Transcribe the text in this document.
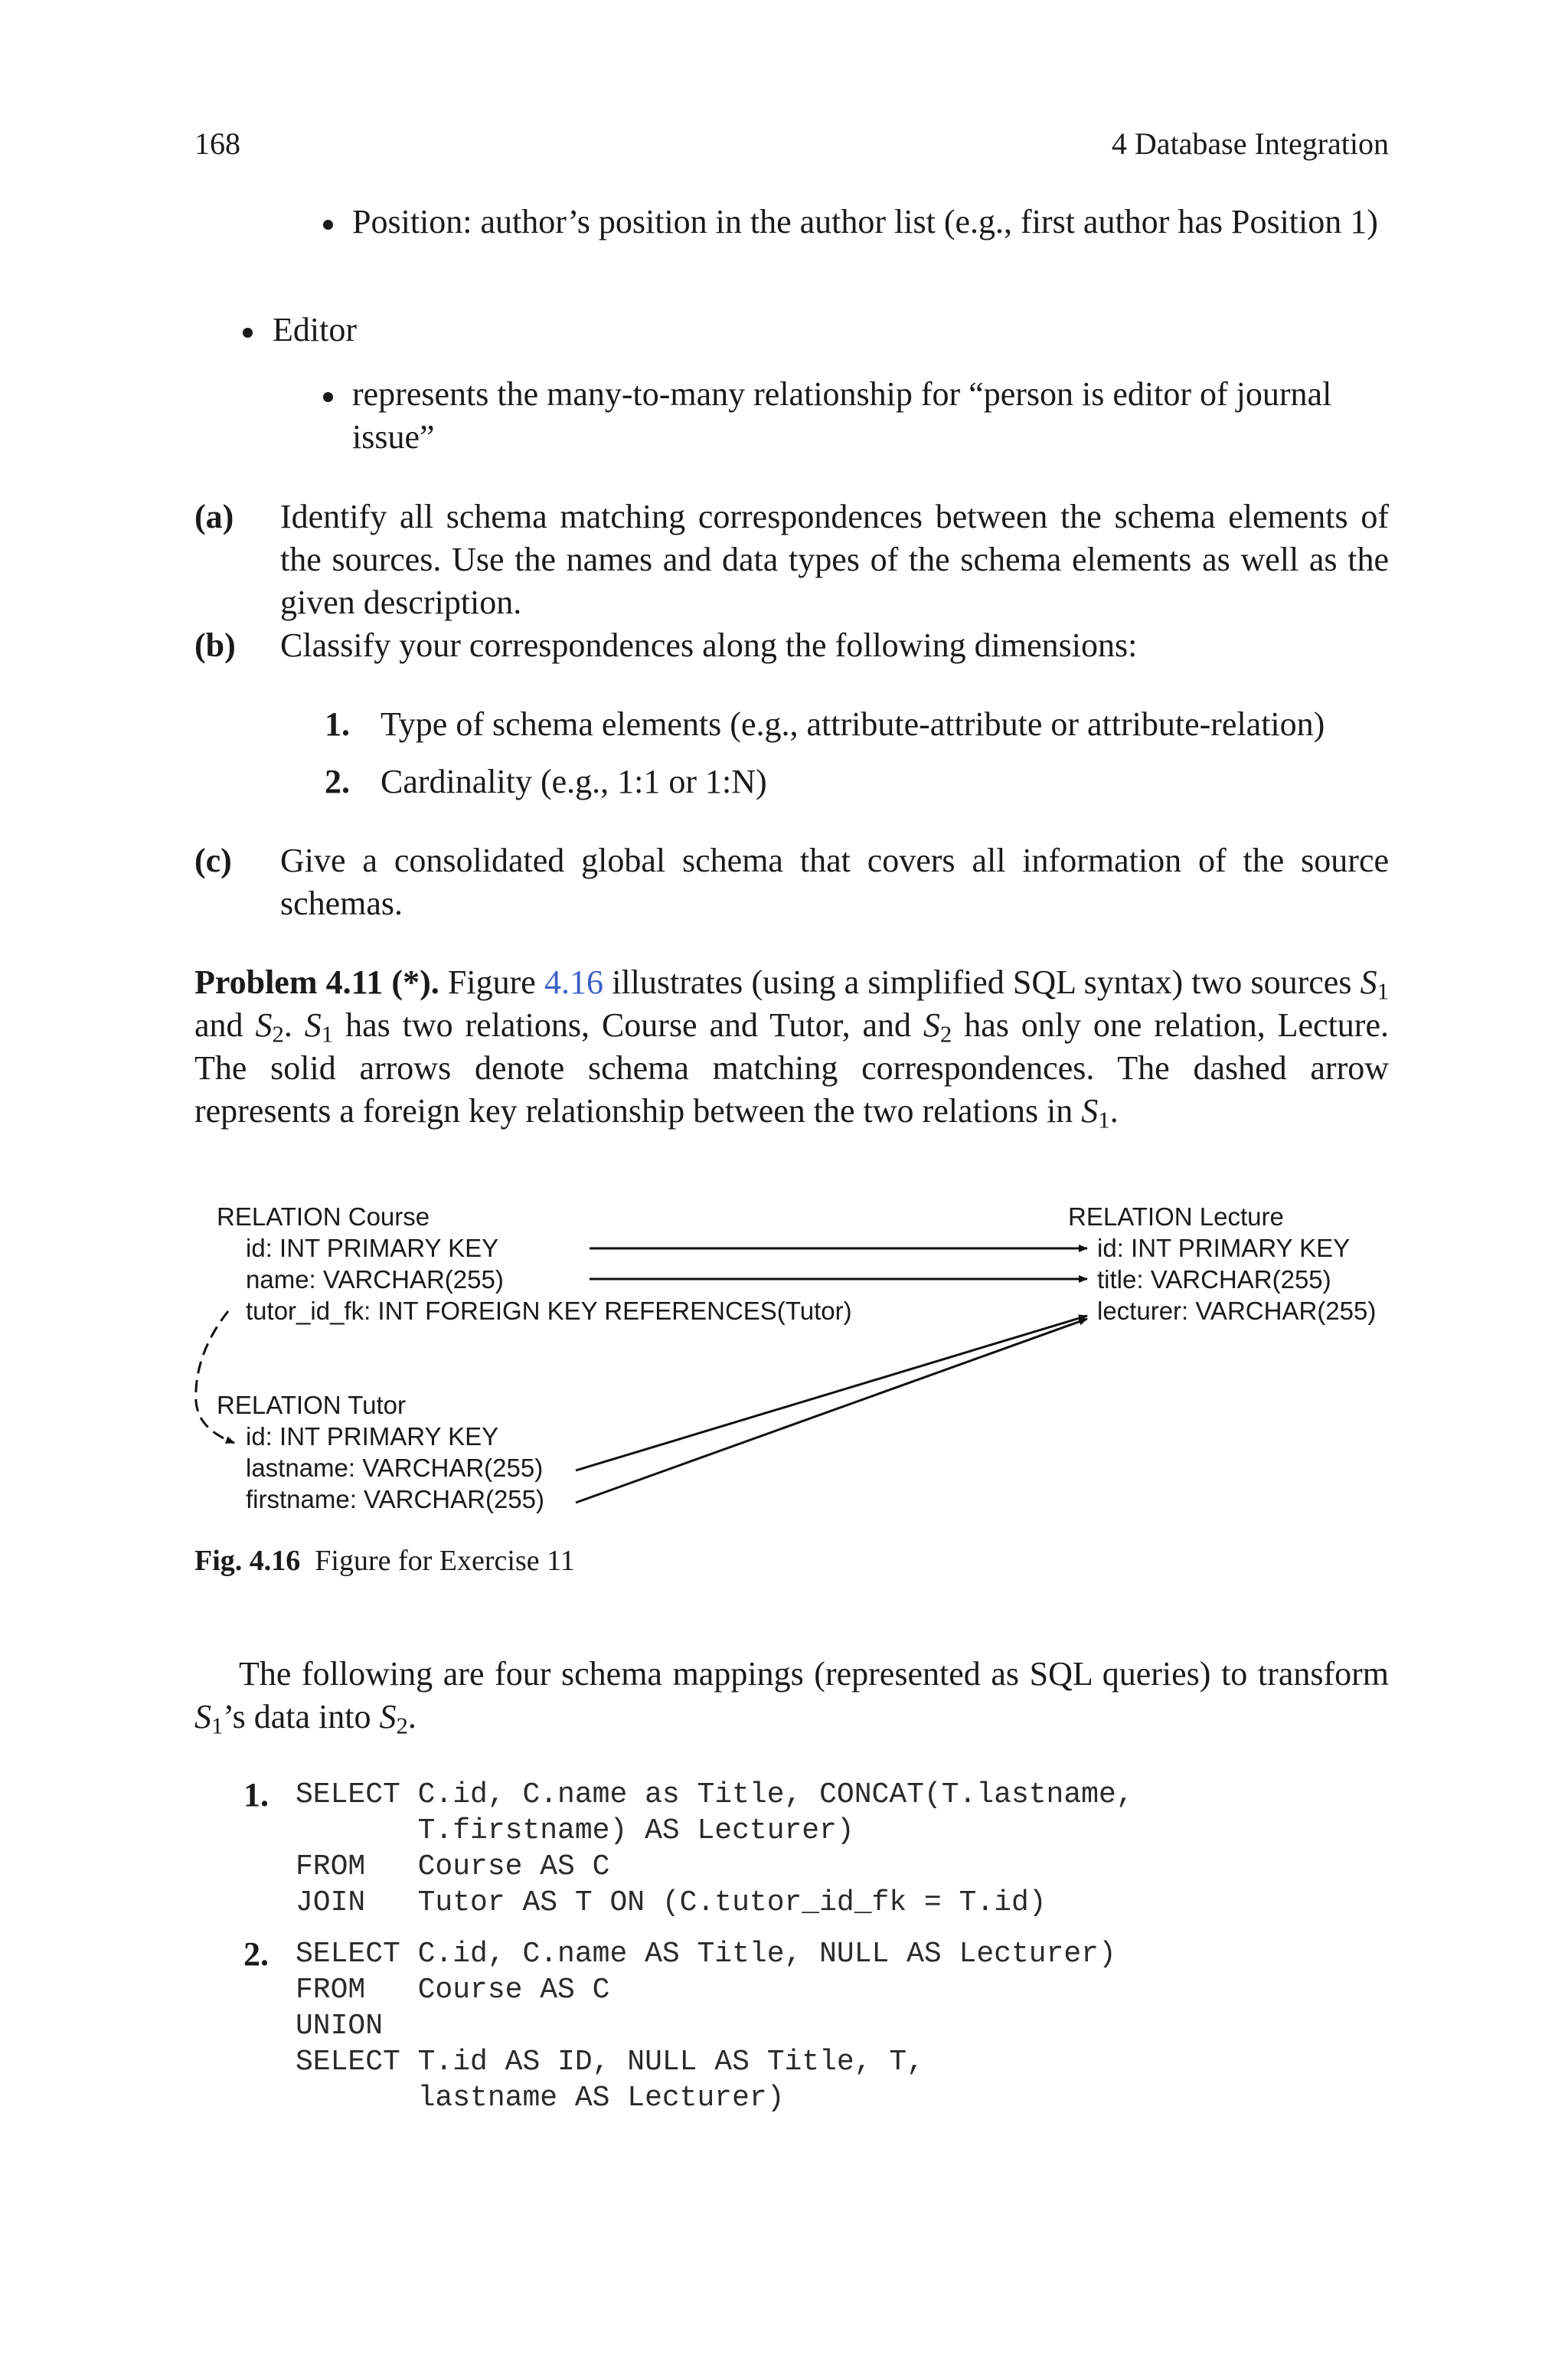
168	4 Database Integration
Position: author’s position in the author list (e.g., first author has Position 1)
Editor
represents the many-to-many relationship for “person is editor of journal issue”
(a) Identify all schema matching correspondences between the schema elements of the sources. Use the names and data types of the schema elements as well as the given description.
(b) Classify your correspondences along the following dimensions:
1. Type of schema elements (e.g., attribute-attribute or attribute-relation)
2. Cardinality (e.g., 1:1 or 1:N)
(c) Give a consolidated global schema that covers all information of the source schemas.
Problem 4.11 (*). Figure 4.16 illustrates (using a simplified SQL syntax) two sources $S_1$ and $S_2$. $S_1$ has two relations, Course and Tutor, and $S_2$ has only one relation, Lecture. The solid arrows denote schema matching correspondences. The dashed arrow represents a foreign key relationship between the two relations in $S_1$.
RELATION Course
id: INT PRIMARY KEY
name: VARCHAR(255)
tutor_id_fk: INT FOREIGN KEY REFERENCES(Tutor)
RELATION Tutor
id: INT PRIMARY KEY
lastname: VARCHAR(255)
firstname: VARCHAR(255)
RELATION Lecture
id: INT PRIMARY KEY
title: VARCHAR(255)
lecturer: VARCHAR(255)
Fig. 4.16 Figure for Exercise 11
The following are four schema mappings (represented as SQL queries) to transform $S_1’s$ data into $S_2$.
1. SELECT C.id, C.name as Title, CONCAT(T.lastname,
T.firstname) AS Lecturer)
FROM   Course AS C
JOIN   Tutor AS T ON (C.tutor_id_fk = T.id)
2. SELECT C.id, C.name AS Title, NULL AS Lecturer)
FROM   Course AS C
UNION
SELECT T.id AS ID, NULL AS Title, T,
lastname AS Lecturer)
